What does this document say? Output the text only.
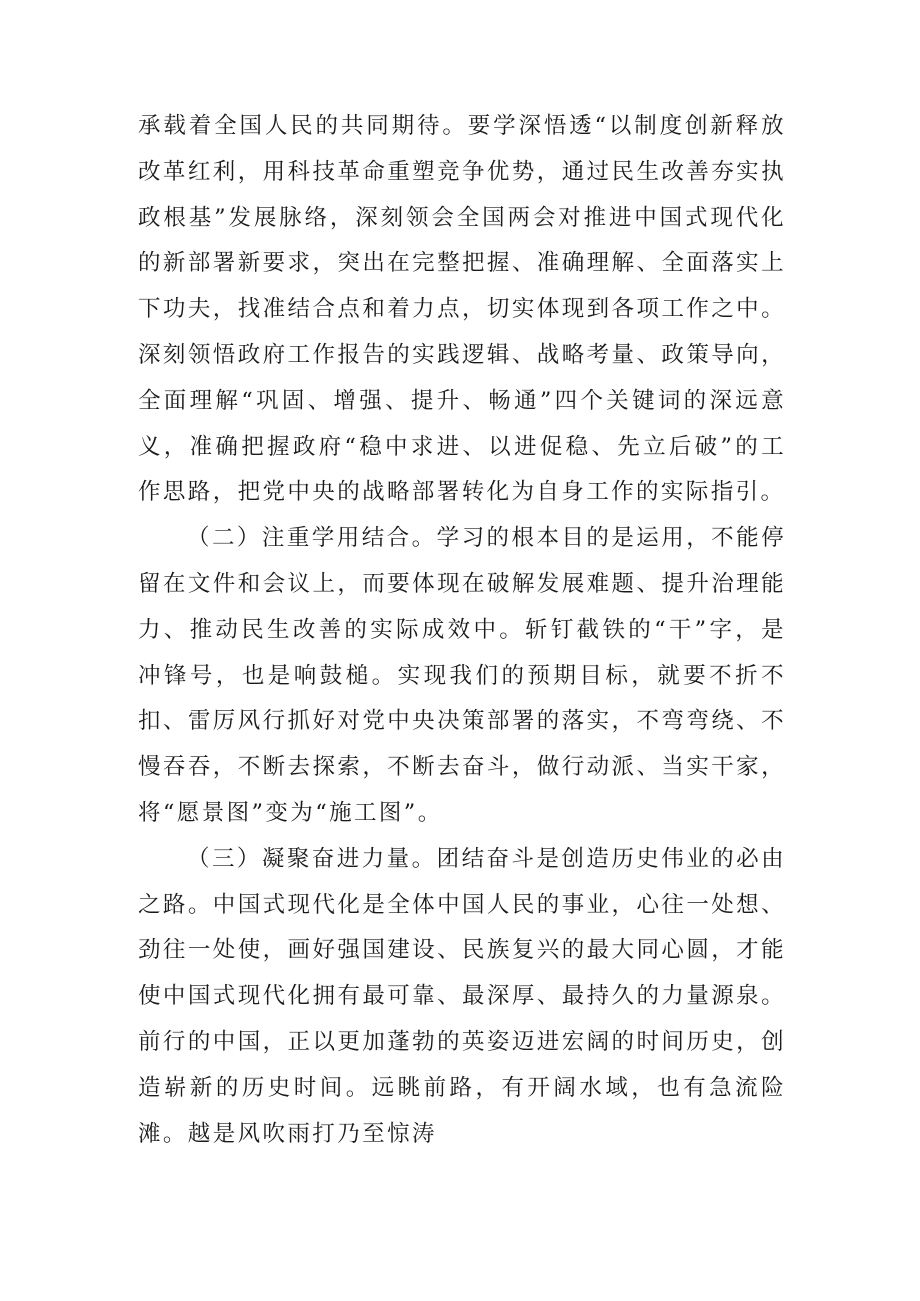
承载着全国人民的共同期待。要学深悟透“以制度创新释放改革红利，用科技革命重塑竞争优势，通过民生改善夯实执政根基”发展脉络，深刻领会全国两会对推进中国式现代化的新部署新要求，突出在完整把握、准确理解、全面落实上下功夫，找准结合点和着力点，切实体现到各项工作之中。深刻领悟政府工作报告的实践逻辑、战略考量、政策导向，全面理解“巩固、增强、提升、畅通”四个关键词的深远意义，准确把握政府“稳中求进、以进促稳、先立后破”的工作思路，把党中央的战略部署转化为自身工作的实际指引。

（二）注重学用结合。学习的根本目的是运用，不能停留在文件和会议上，而要体现在破解发展难题、提升治理能力、推动民生改善的实际成效中。斩钉截铁的“干”字，是冲锋号，也是响鼓槌。实现我们的预期目标，就要不折不扣、雷厉风行抓好对党中央决策部署的落实，不弯弯绕、不慢吞吞，不断去探索，不断去奋斗，做行动派、当实干家，将“愿景图”变为“施工图”。

（三）凝聚奋进力量。团结奋斗是创造历史伟业的必由之路。中国式现代化是全体中国人民的事业，心往一处想、劲往一处使，画好强国建设、民族复兴的最大同心圆，才能使中国式现代化拥有最可靠、最深厚、最持久的力量源泉。前行的中国，正以更加蓬勃的英姿迈进宏阔的时间历史，创造崭新的历史时间。远眺前路，有开阔水域，也有急流险滩。越是风吹雨打乃至惊涛
